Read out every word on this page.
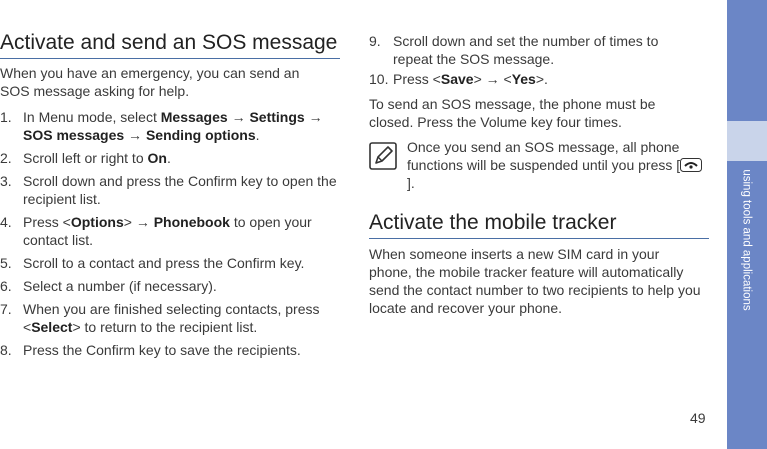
Activate and send an SOS message

When you have an emergency, you can send an SOS message asking for help.

1. In Menu mode, select Messages → Settings → SOS messages → Sending options.
2. Scroll left or right to On.
3. Scroll down and press the Confirm key to open the recipient list.
4. Press <Options> → Phonebook to open your contact list.
5. Scroll to a contact and press the Confirm key.
6. Select a number (if necessary).
7. When you are finished selecting contacts, press <Select> to return to the recipient list.
8. Press the Confirm key to save the recipients.
9. Scroll down and set the number of times to repeat the SOS message.
10. Press <Save> → <Yes>.

To send an SOS message, the phone must be closed. Press the Volume key four times.

Once you send an SOS message, all phone functions will be suspended until you press [].
Activate the mobile tracker

When someone inserts a new SIM card in your phone, the mobile tracker feature will automatically send the contact number to two recipients to help you locate and recover your phone.	using tools and applications
49
